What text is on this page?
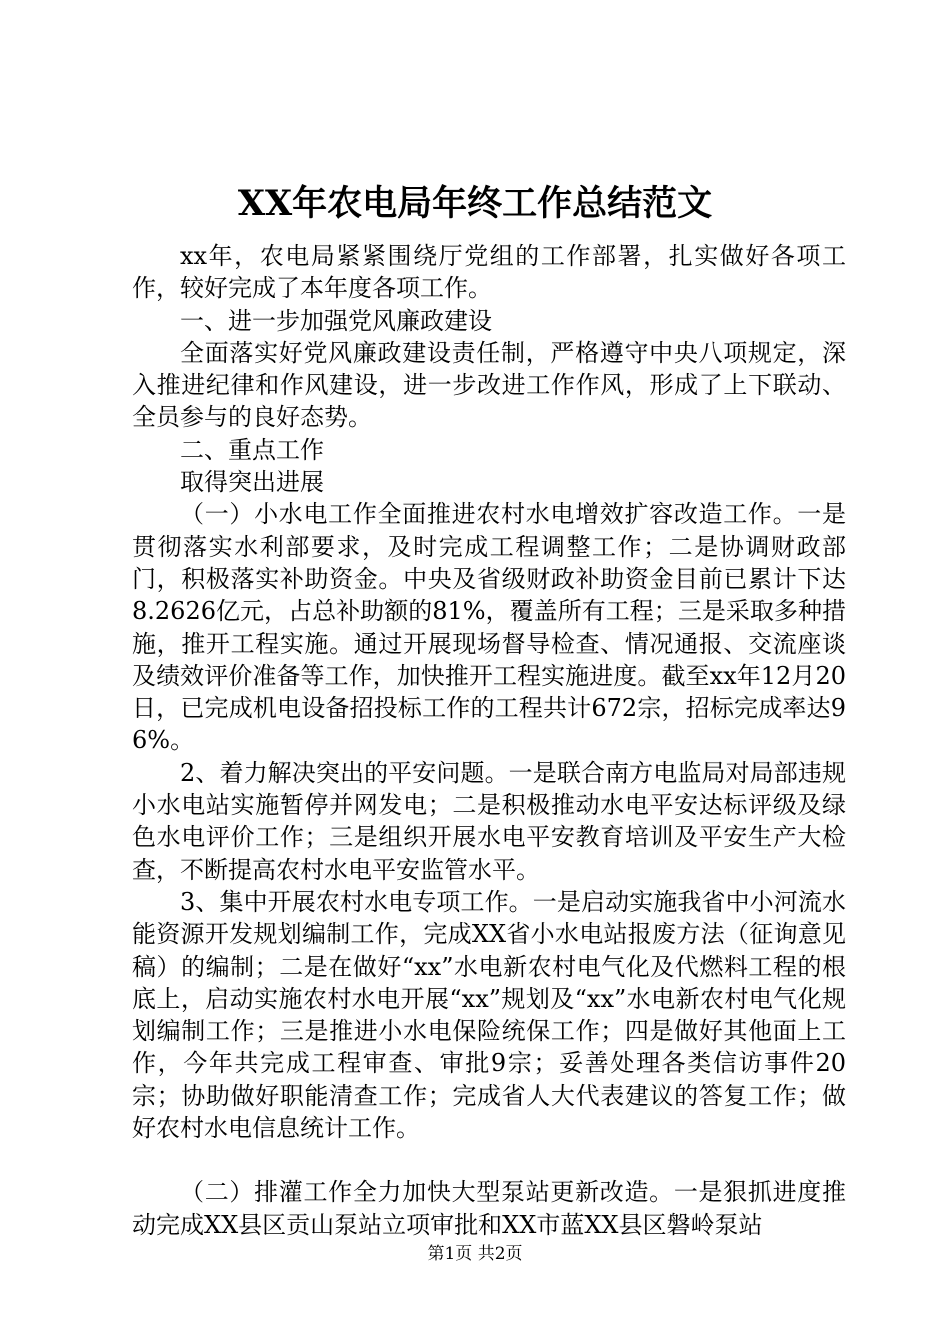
XX年农电局年终工作总结范文

xx年，农电局紧紧围绕厅党组的工作部署，扎实做好各项工作，较好完成了本年度各项工作。

一、进一步加强党风廉政建设

全面落实好党风廉政建设责任制，严格遵守中央八项规定，深入推进纪律和作风建设，进一步改进工作作风，形成了上下联动、全员参与的良好态势。

二、重点工作

取得突出进展

（一）小水电工作全面推进农村水电增效扩容改造工作。一是贯彻落实水利部要求，及时完成工程调整工作；二是协调财政部门，积极落实补助资金。中央及省级财政补助资金目前已累计下达8.2626亿元，占总补助额的81%，覆盖所有工程；三是采取多种措施，推开工程实施。通过开展现场督导检查、情况通报、交流座谈及绩效评价准备等工作，加快推开工程实施进度。截至xx年12月20日，已完成机电设备招投标工作的工程共计672宗，招标完成率达96%。

2、着力解决突出的平安问题。一是联合南方电监局对局部违规小水电站实施暂停并网发电；二是积极推动水电平安达标评级及绿色水电评价工作；三是组织开展水电平安教育培训及平安生产大检查，不断提高农村水电平安监管水平。

3、集中开展农村水电专项工作。一是启动实施我省中小河流水能资源开发规划编制工作，完成XX省小水电站报废方法（征询意见稿）的编制；二是在做好“xx”水电新农村电气化及代燃料工程的根底上，启动实施农村水电开展“xx”规划及“xx”水电新农村电气化规划编制工作；三是推进小水电保险统保工作；四是做好其他面上工作，今年共完成工程审查、审批9宗；妥善处理各类信访事件20宗；协助做好职能清查工作；完成省人大代表建议的答复工作；做好农村水电信息统计工作。

（二）排灌工作全力加快大型泵站更新改造。一是狠抓进度推动完成XX县区贡山泵站立项审批和XX市蓝XX县区磐岭泵站

第1页 共2页
